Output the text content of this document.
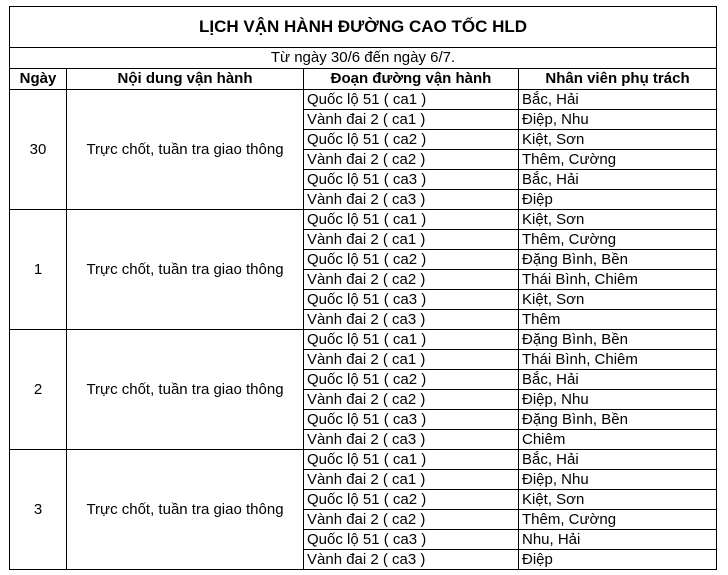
LỊCH VẬN HÀNH ĐƯỜNG CAO TỐC HLD			
Từ ngày 30/6 đến ngày 6/7.			
Ngày	Nội dung vận hành	Đoạn đường vận hành	Nhân viên phụ trách
30	Trực chốt, tuần tra giao thông	Quốc lộ 51 ( ca1 )	Bắc, Hải
		Vành đai 2 ( ca1 )	Điệp, Nhu
		Quốc lộ 51 ( ca2 )	Kiệt, Sơn
		Vành đai 2 ( ca2 )	Thêm, Cường
		Quốc lộ 51 ( ca3 )	Bắc, Hải
		Vành đai 2 ( ca3 )	Điệp
1	Trực chốt, tuần tra giao thông	Quốc lộ 51 ( ca1 )	Kiệt, Sơn
		Vành đai 2 ( ca1 )	Thêm, Cường
		Quốc lộ 51 ( ca2 )	Đặng Bình, Bền
		Vành đai 2 ( ca2 )	Thái Bình, Chiêm
		Quốc lộ 51 ( ca3 )	Kiệt, Sơn
		Vành đai 2 ( ca3 )	Thêm
2	Trực chốt, tuần tra giao thông	Quốc lộ 51 ( ca1 )	Đặng Bình, Bền
		Vành đai 2 ( ca1 )	Thái Bình, Chiêm
		Quốc lộ 51 ( ca2 )	Bắc, Hải
		Vành đai 2 ( ca2 )	Điệp, Nhu
		Quốc lộ 51 ( ca3 )	Đặng Bình, Bền
		Vành đai 2 ( ca3 )	Chiêm
3	Trực chốt, tuần tra giao thông	Quốc lộ 51 ( ca1 )	Bắc, Hải
		Vành đai 2 ( ca1 )	Điệp, Nhu
		Quốc lộ 51 ( ca2 )	Kiệt, Sơn
		Vành đai 2 ( ca2 )	Thêm, Cường
		Quốc lộ 51 ( ca3 )	Nhu, Hải
		Vành đai 2 ( ca3 )	Điệp
